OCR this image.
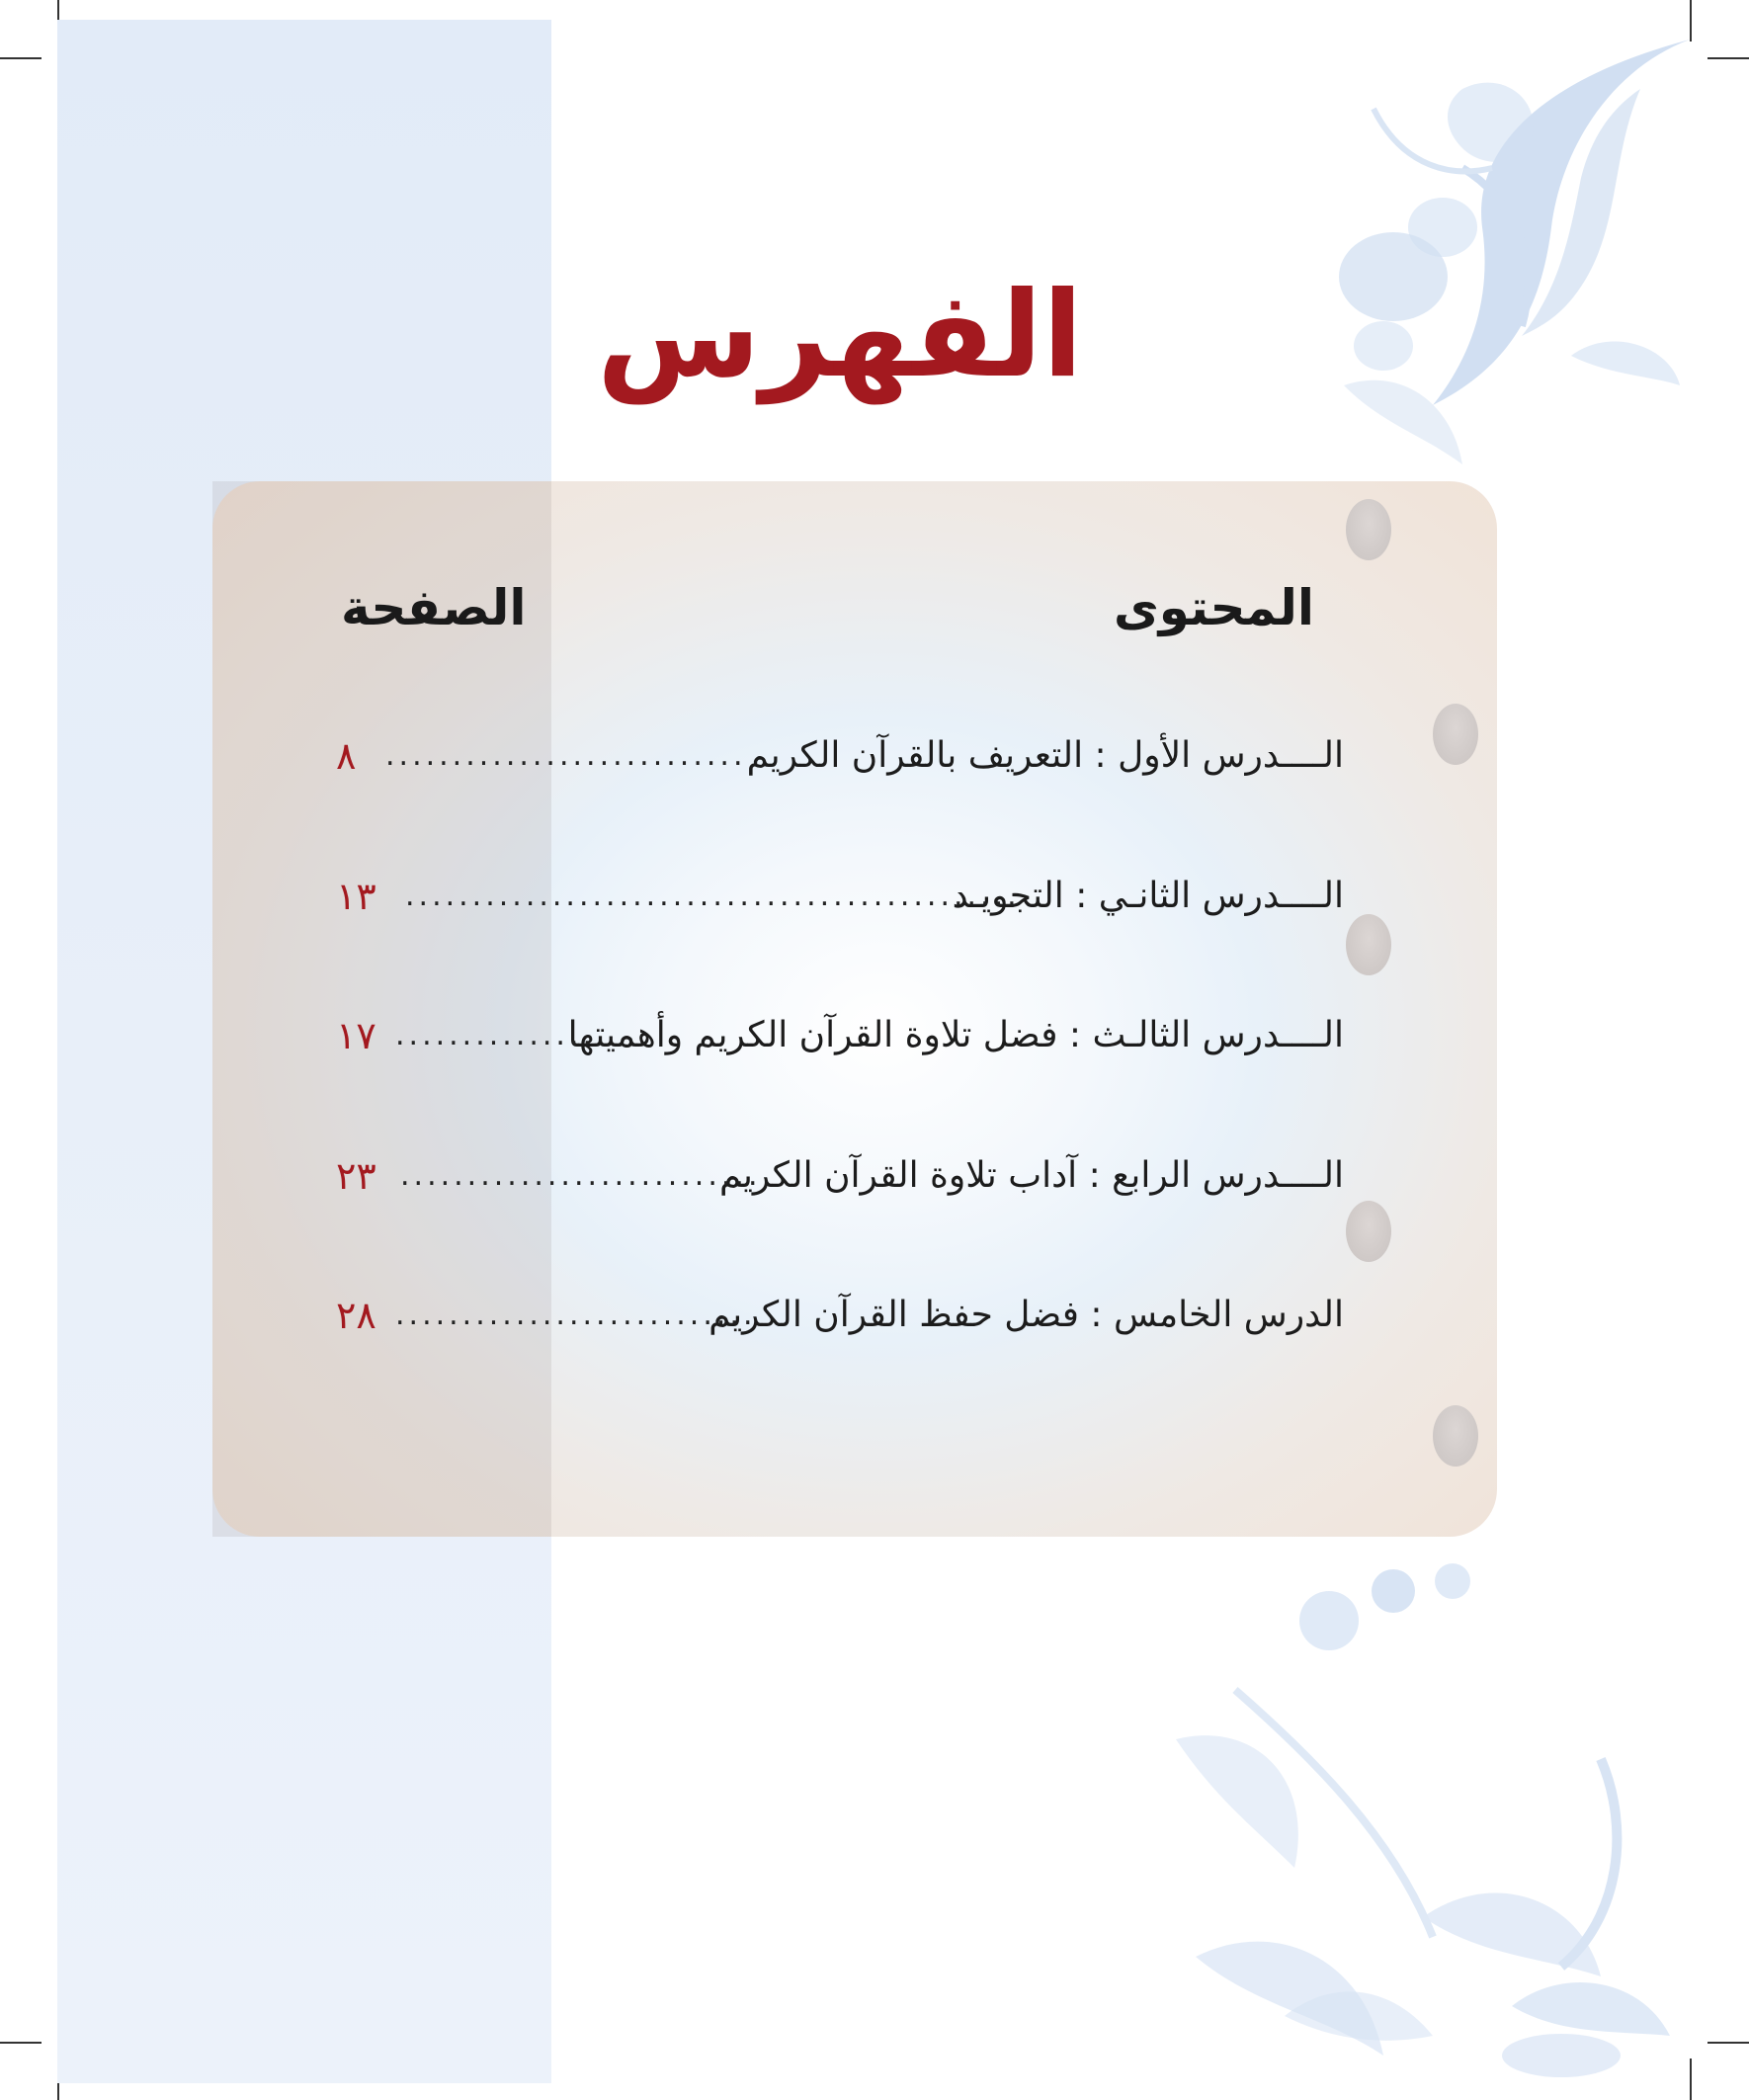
الفهرس
المحتوى
الصفحة
الــــدرس الأول : التعريف بالقرآن الكريم
...........................
٨
الــــدرس الثانـي : التجويـد
..............................................
١٣
الــــدرس الثالـث : فضل تلاوة القرآن الكريم وأهميتها
...............
١٧
الــــدرس الرابع : آداب تلاوة القرآن الكريم
...........................
٢٣
الدرس الخامس : فضل حفظ القرآن الكريم
...........................
٢٨
